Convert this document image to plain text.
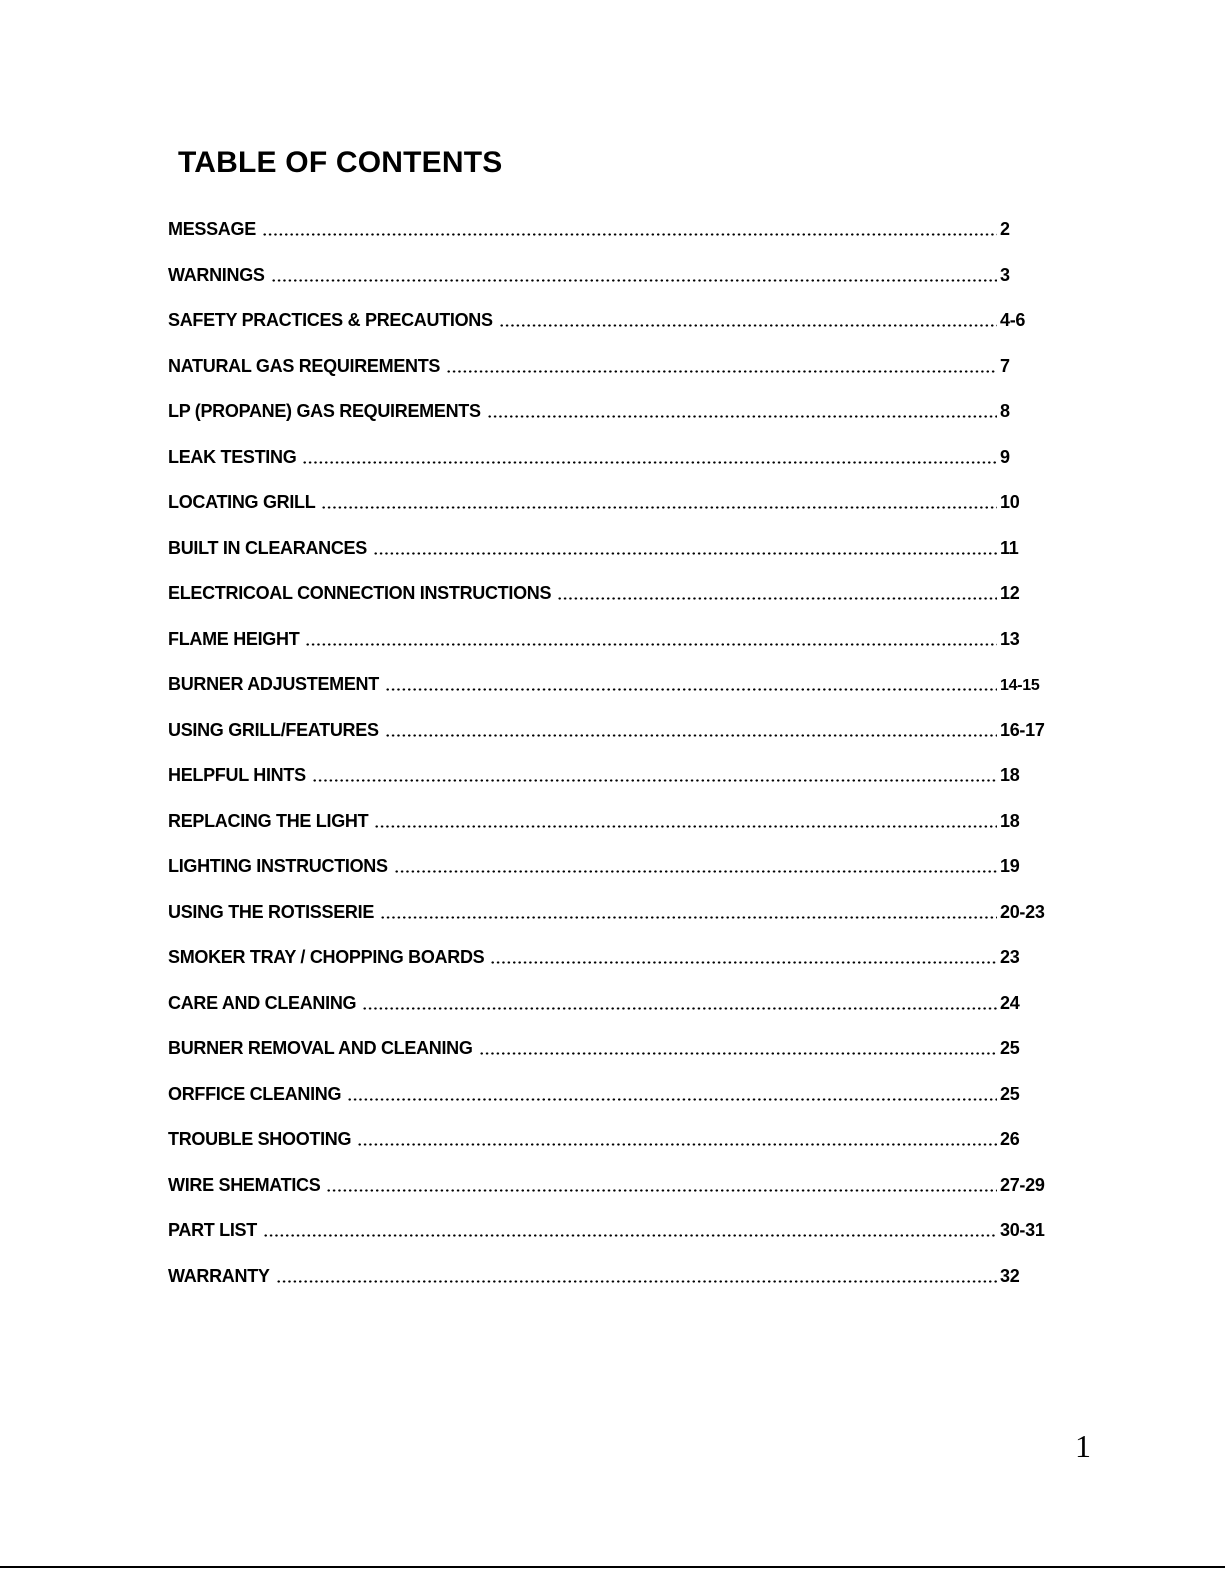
TABLE OF CONTENTS
MESSAGE	2
WARNINGS	3
SAFETY PRACTICES & PRECAUTIONS	4-6
NATURAL GAS REQUIREMENTS	7
LP (PROPANE) GAS REQUIREMENTS	8
LEAK TESTING	9
LOCATING GRILL	10
BUILT IN CLEARANCES	11
ELECTRICOAL CONNECTION INSTRUCTIONS	12
FLAME HEIGHT	13
BURNER ADJUSTEMENT	14-15
USING GRILL/FEATURES	16-17
HELPFUL HINTS	18
REPLACING THE LIGHT	18
LIGHTING INSTRUCTIONS	19
USING THE ROTISSERIE	20-23
SMOKER TRAY / CHOPPING BOARDS	23
CARE AND CLEANING	24
BURNER REMOVAL AND CLEANING	25
ORFFICE CLEANING	25
TROUBLE SHOOTING	26
WIRE SHEMATICS	27-29
PART LIST	30-31
WARRANTY	32
1
